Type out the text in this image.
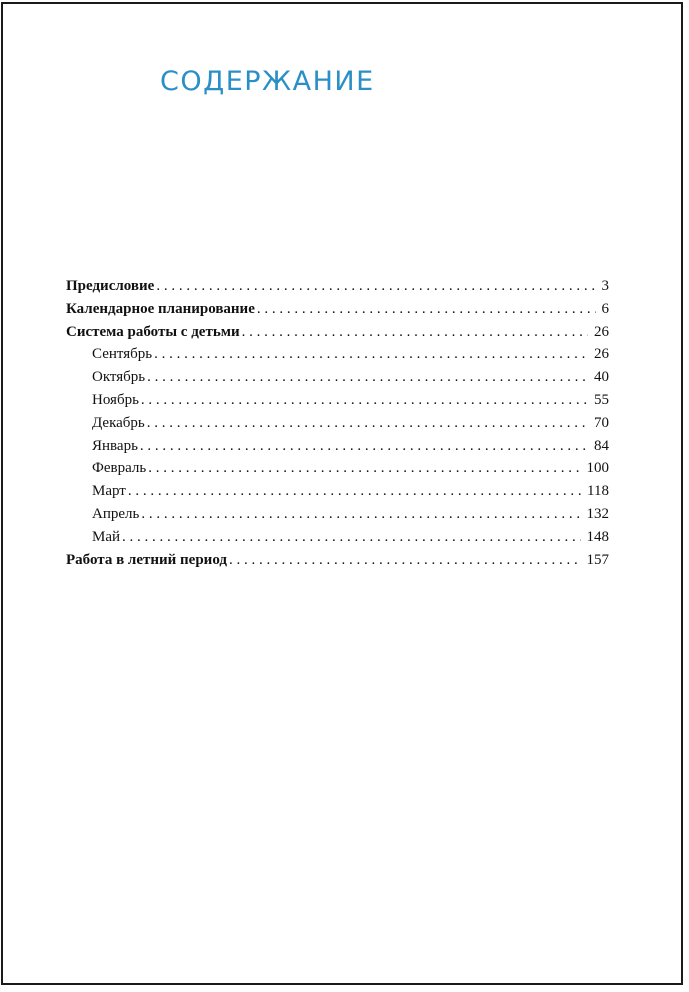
СОДЕРЖАНИЕ
Предисловие . . .	3
Календарное планирование . . .	6
Система работы с детьми . . .	26
Сентябрь . . .	26
Октябрь . . .	40
Ноябрь . . .	55
Декабрь . . .	70
Январь . . .	84
Февраль . . .	100
Март . . .	118
Апрель . . .	132
Май . . .	148
Работа в летний период . . .	157
